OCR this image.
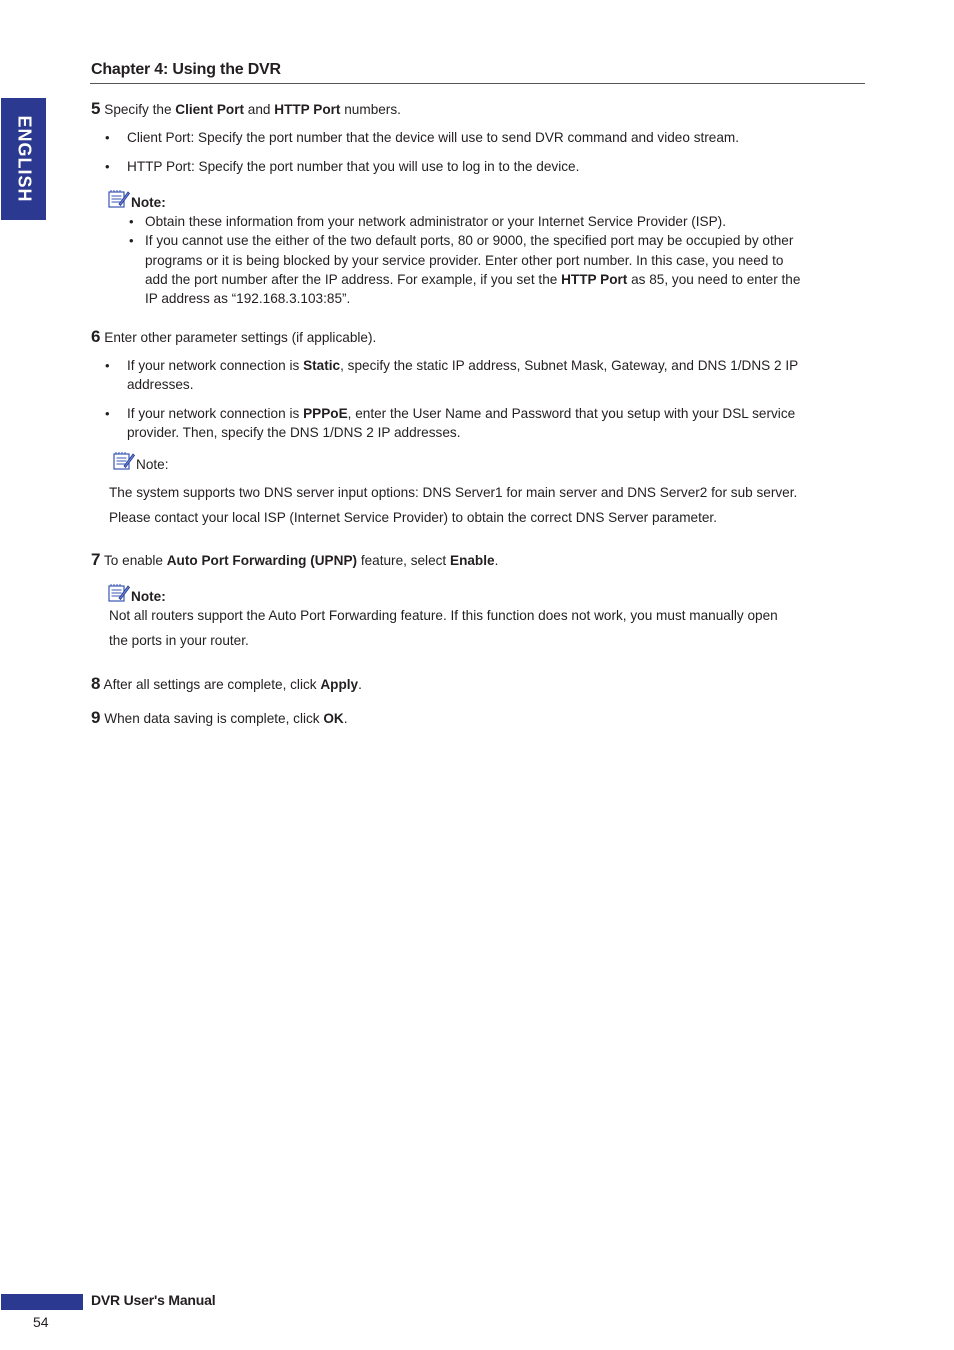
ENGLISH
Chapter 4: Using the DVR
5 Specify the Client Port and HTTP Port numbers.
• Client Port: Specify the port number that the device will use to send DVR command and video stream.
• HTTP Port: Specify the port number that you will use to log in to the device.
Note:
• Obtain these information from your network administrator or your Internet Service Provider (ISP).
• If you cannot use the either of the two default ports, 80 or 9000, the specified port may be occupied by other
programs or it is being blocked by your service provider. Enter other port number. In this case, you need to
add the port number after the IP address. For example, if you set the HTTP Port as 85, you need to enter the
IP address as “192.168.3.103:85”.
6 Enter other parameter settings (if applicable).
• If your network connection is Static, specify the static IP address, Subnet Mask, Gateway, and DNS 1/DNS 2 IP
addresses.
• If your network connection is PPPoE, enter the User Name and Password that you setup with your DSL service
provider. Then, specify the DNS 1/DNS 2 IP addresses.
Note:
The system supports two DNS server input options: DNS Server1 for main server and DNS Server2 for sub server.
Please contact your local ISP (Internet Service Provider) to obtain the correct DNS Server parameter.
7 To enable Auto Port Forwarding (UPNP) feature, select Enable.
Note:
Not all routers support the Auto Port Forwarding feature. If this function does not work, you must manually open
the ports in your router.
8 After all settings are complete, click Apply.
9 When data saving is complete, click OK.
DVR User's Manual
54
